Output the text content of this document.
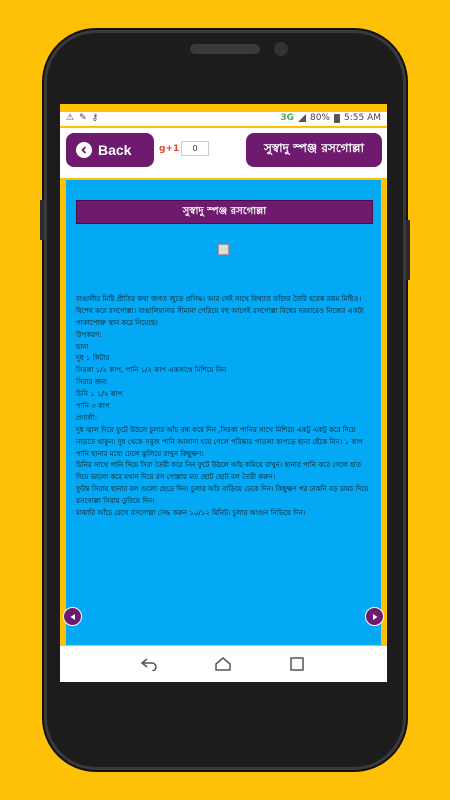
⚠ ✎ ⚷	3G 80% 5:55 AM
Back	g+1	0	সুস্বাদু স্পঞ্জ রসগোল্লা
সুস্বাদু স্পঞ্জ রসগোল্লা

বাঙালীর মিষ্টি প্রীতির কথা জগত জুড়ে প্রসিদ্ধ। আর সেই সাথে বিখ্যাত তাঁদের তৈরি হরেক রকম মিষ্টিও। বিশেষ করে রসগোল্লা। বাঙালিয়ানার সীমানা পেরিয়ে বহু আগেই রসগোল্লা বিশ্বের দরবারেও নিজের একটা পাকাপোক্ত স্থান করে নিয়েছে।

উপকরণ:

ছানা

দুধ ১ লিটার

সিরকা ১/২ কাপ, পানি ১/২ কাপ একসাথে মিশিয়ে নিন

সিরার জন্য

চিনি ১ ১/২ কাপ

পানি ৩ কাপ

প্রণালী:

দুধ জ্বাল দিয়ে ফুটে উঠলে চুলার আঁচ বন্ধ করে দিন ,সিরকা পানির সাথে মিশিয়ে একটু একটু করে দিয়ে নাড়তে থাকুন। দুধ থেকে সবুজ পানি আলাদা হয়ে গেলে পরিষ্কার পাতলা কাপড়ে ছানা ছেঁকে নিন। ১ কাপ পানি ছানার মধ্যে ঢেলে ঝুলিয়ে রাখুন কিছুক্ষণ।

চিনির সাথে পানি দিয়ে সিরা তৈরী করে নিন ফুটে উঠলে আঁচ কমিয়ে রাখুন। ছানার পানি ঝরে গেলে হাত দিয়ে ভালো করে মথান দিয়ে রস গোল্লার মত ছোট ছোট বল তৈরী করুন।

ফুটন্ত সিরায় ছানার বল গুলো ছেড়ে দিন। চুলার আঁচ বাড়িয়ে ঢেকে দিন। কিছুক্ষণ পর ঢাকনি বড় চামচ দিয়ে রসগোল্লা সিরায় ডুবিয়ে দিন।

মাঝারি আঁচে রেখে রসগোল্লা সেদ্ধ করুন ১০/১২ মিনিট। চুলার আগুন নিভিয়ে দিন।
